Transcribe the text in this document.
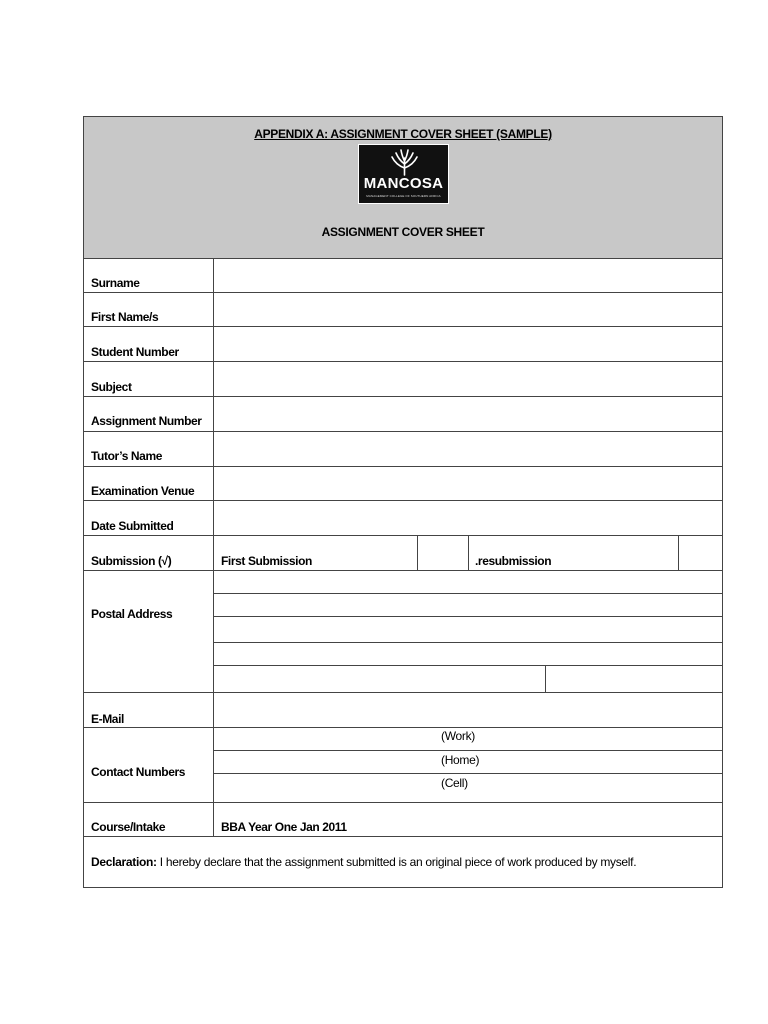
APPENDIX A: ASSIGNMENT COVER SHEET (SAMPLE)
MANCOSA
MANAGEMENT COLLEGE OF SOUTHERN AFRICA
ASSIGNMENT COVER SHEET
Surname
First Name/s
Student Number
Subject
Assignment Number
Tutor’s Name
Examination Venue
Date Submitted
Submission (√)	First Submission	.resubmission
Postal Address
E-Mail
Contact Numbers
(Work)
(Home)
(Cell)
Course/Intake	BBA Year One Jan 2011
Declaration: I hereby declare that the assignment submitted is an original piece of work produced by myself.
